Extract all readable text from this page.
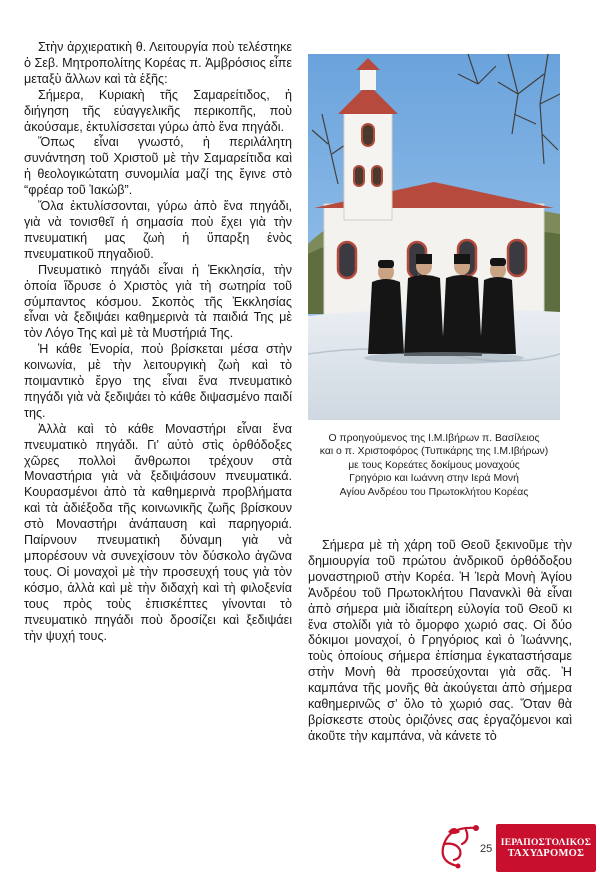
Στὴν ἀρχιερατικὴ θ. Λειτουργία ποὺ τελέστηκε ὁ Σεβ. Μητροπολίτης Κορέας π. Ἀμβρόσιος εἶπε μεταξὺ ἄλλων καὶ τὰ ἑξῆς:

Σήμερα, Κυριακὴ τῆς Σαμαρείτιδος, ἡ διήγηση τῆς εὐαγγελικῆς περικοπῆς, ποὺ ἀκούσαμε, ἐκτυλίσσεται γύρω ἀπὸ ἕνα πηγάδι.

Ὅπως εἶναι γνωστό, ἡ περιλάλητη συνάντηση τοῦ Χριστοῦ μὲ τὴν Σαμαρείτιδα καὶ ἡ θεολογικώτατη συνομιλία μαζί της ἔγινε στὸ “φρέαρ τοῦ Ἰακώβ”.

Ὅλα ἐκτυλίσσονται, γύρω ἀπὸ ἕνα πηγάδι, γιὰ νὰ τονισθεῖ ἡ σημασία ποὺ ἔχει γιὰ τὴν πνευματική μας ζωὴ ἡ ὕπαρξη ἑνὸς πνευματικοῦ πηγαδιοῦ.

Πνευματικὸ πηγάδι εἶναι ἡ Ἐκκλησία, τὴν ὁποία ἵδρυσε ὁ Χριστὸς γιὰ τὴ σωτηρία τοῦ σύμπαντος κόσμου. Σκοπὸς τῆς Ἐκκλησίας εἶναι νὰ ξεδιψάει καθημερινὰ τὰ παιδιά Της μὲ τὸν Λόγο Της καὶ μὲ τὰ Μυστήριά Της.

Ἡ κάθε Ἐνορία, ποὺ βρίσκεται μέσα στὴν κοινωνία, μὲ τὴν λειτουργικὴ ζωὴ καὶ τὸ ποιμαντικὸ ἔργο της εἶναι ἕνα πνευματικὸ πηγάδι γιὰ νὰ ξεδιψάει τὸ κάθε διψασμένο παιδί της.

Ἀλλὰ καὶ τὸ κάθε Μοναστήρι εἶναι ἕνα πνευματικὸ πηγάδι. Γι’ αὐτὸ στὶς ὀρθόδοξες χῶρες πολλοὶ ἄνθρωποι τρέχουν στὰ Μοναστήρια γιὰ νὰ ξεδιψάσουν πνευματικά. Κουρασμένοι ἀπὸ τὰ καθημερινὰ προβλήματα καὶ τὰ ἀδιέξοδα τῆς κοινωνικῆς ζωῆς βρίσκουν στὸ Μοναστήρι ἀνάπαυση καὶ παρηγοριά. Παίρνουν πνευματικὴ δύναμη γιὰ νὰ μπορέσουν νὰ συνεχίσουν τὸν δύσκολο ἀγῶνα τους. Οἱ μοναχοὶ μὲ τὴν προσευχή τους γιὰ τὸν κόσμο, ἀλλὰ καὶ μὲ τὴν διδαχὴ καὶ τὴ φιλοξενία τους πρὸς τοὺς ἐπισκέπτες γίνονται τὸ πνευματικὸ πηγάδι ποὺ δροσίζει καὶ ξεδιψάει τὴν ψυχή τους.

Ο προηγούμενος της Ι.Μ.Ιβήρων π. Βασίλειος
και ο π. Χριστοφόρος (Τυπικάρης της Ι.Μ.Ιβήρων)
με τους Κορεάτες δοκίμους μοναχούς
Γρηγόριο και Ιωάννη στην Ιερά Μονή
Αγίου Ανδρέου του Πρωτοκλήτου Κορέας

Σήμερα μὲ τὴ χάρη τοῦ Θεοῦ ξεκινοῦμε τὴν δημιουργία τοῦ πρώτου ἀνδρικοῦ ὀρθόδοξου μοναστηριοῦ στὴν Κορέα. Ἡ Ἱερὰ Μονὴ Ἁγίου Ἀνδρέου τοῦ Πρωτοκλήτου Πανανκλὶ θὰ εἶναι ἀπὸ σήμερα μιὰ ἰδιαίτερη εὐλογία τοῦ Θεοῦ κι ἕνα στολίδι γιὰ τὸ ὄμορφο χωριό σας. Οἱ δύο δόκιμοι μοναχοί, ὁ Γρηγόριος καὶ ὁ Ἰωάννης, τοὺς ὁποίους σήμερα ἐπίσημα ἐγκαταστήσαμε στὴν Μονὴ θὰ προσεύχονται γιὰ σᾶς. Ἡ καμπάνα τῆς μονῆς θὰ ἀκούγεται ἀπὸ σήμερα καθημερινῶς σ’ ὅλο τὸ χωριό σας. Ὅταν θὰ βρίσκεστε στοὺς ὀριζόνες σας ἐργαζόμενοι καὶ ἀκοῦτε τὴν καμπάνα, νὰ κάνετε τὸ

25
ΙΕΡΑΠΟΣΤΟΛΙΚΟΣ
ΤΑΧΥΔΡΟΜΟΣ
